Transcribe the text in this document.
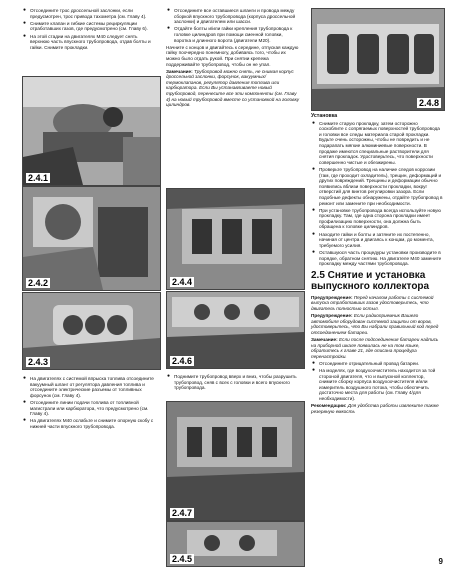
● Отсоедините трос дроссельной заслонки, если предусмотрен, трос привода тахометра (см. Главу 4).
● Снимите клапан и гибкие системы рециркуляции отработавших газов, где предусмотрено (см. Главу 6).
● На этой стадии на двигателях М40 следует снять верхнюю часть впускного трубопровода, отдав болты и гайки. Снимите прокладки.
2.4.1
2.4.2
2.4.3
● На двигателях с системой впрыска топлива отсоедините вакуумный шланг от регулятора давления топлива и отсоедините электрические разъемы от топливных форсунок (см. Главу 4).
● Отсоедините линии подачи топлива от топливной магистрали или карбюратора, что предусмотрено (см. Главу 4).
● На двигателях М40 ослабьте и снимите опорную скобу с нижней части впускного трубопровода.
● Отсоедините все оставшиеся шланги и провода между сборкой впускного трубопровода (корпуса дроссельной заслонки) и двигателем или шасси.
● Отдайте болты и/или гайки крепления трубопровода к головке цилиндров при помощи сменной головки, воротка и длинного ворота (двигатели М20).

Начните с концов и двигайтесь к середине, отпуская каждую гайку поочередно понемногу, добиваясь того, чтобы их можно было отдать рукой. При снятии крепежа поддерживайте трубопровод, чтобы он не упал.

Замечание: Трубопровод можно снять, не снимая корпус дроссельной заслонки, форсунок, вакуумных/термоклапанов, регулятор давления топлива или карбюратора. Если Вы устанавливаете новый трубопровод, перенесите все эти компоненты (см. Главу 4) на новый трубопровод вместе со установкой на головку цилиндров.

2.4.4
2.4.6
● Поднимите трубопровод вверх и вниз, чтобы разрушить трубопровод, сняв с всех с головки и всего впускного трубопровода.
2.4.7
2.4.5
2.4.8
Установка
● Снимите старую прокладку, затем осторожно соскоблите с сопрягаемых поверхностей трубопровода и головки все следы материала старой прокладки. Будьте очень осторожны, чтобы не повредить и не подарапать мягкие алюминиевые поверхности. В продаже имеются специальные растворители для снятия прокладок. Удостоверьтесь, что поверхности совершенно чистые и обезжирены.
● Проверьте трубопровод на наличие следов коррозии (там, где проходит охладитель), трещин, деформаций и других повреждений. Трещины и деформации обычно появились вблизи поверхности прокладки, вокруг отверстий для винтов регулировки зазора. Если подобные дефекты обнаружены, отдайте трубопровод в ремонт или замените при необходимости.
● При установке трубопровода всегда используйте новую прокладку. Там, где одна сторона прокладки имеет профилизацию поверхности, она должна быть обращена к головке цилиндров.
● Находите гайки и болты и затяните их постепенно, начиная от центра и двигаясь к концам, до момента, требуемого усилия.
● Оставшуюся часть процедуры установки производите в порядке, обратном снятию. На двигателе М40 замените прокладку между частями трубопровода.
2.5 Снятие и установка выпускного коллектора

Предупреждение: Перед началом работы с системой выпуска отработавших газов удостоверьтесь, что двигатель полностью остыл.

Предупреждение: Если радиоприемник Вашего автомобиля оборудован системой защиты от воров, удостоверьтесь, что Вы набрали правильный код перед отсоединением батареи.

Замечание: Если после подсоединения батареи надпись на приборной шкале появилась не на том языке, обратитесь к главе 21, где описана процедура перенастройки.

● Отсоедините отрицательный провод батареи.
● На моделях, где воздухоочиститель находится за той стороной двигателя, что и выпускной коллектор, снимите сборку корпуса воздухоочистителя и/или измеритель воздушного потока, чтобы обеспечить достаточно места для работы (см. Главу 4/для необходимости).

Рекомендации: Для удобства работы извлеките также резервную емкость

9
